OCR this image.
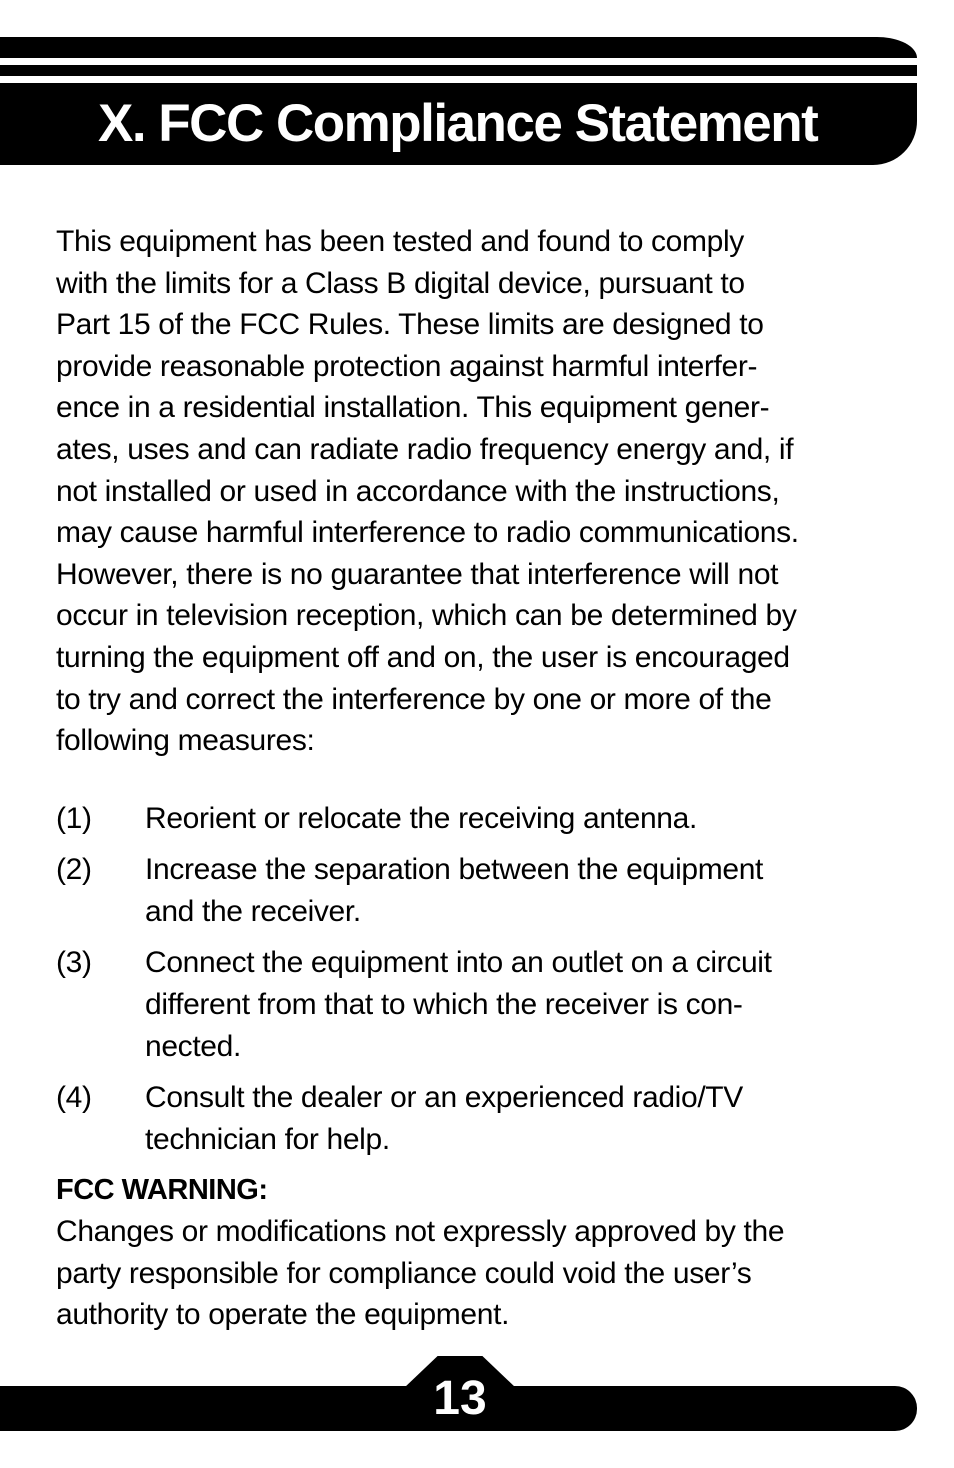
X. FCC Compliance Statement

This equipment has been tested and found to comply
with the limits for a Class B digital device, pursuant to
Part 15 of the FCC Rules. These limits are designed to
provide reasonable protection against harmful interfer-
ence in a residential installation. This equipment gener-
ates, uses and can radiate radio frequency energy and, if
not installed or used in accordance with the instructions,
may cause harmful interference to radio communications.
However, there is no guarantee that interference will not
occur in television reception, which can be determined by
turning the equipment off and on, the user is encouraged
to try and correct the interference by one or more of the
following measures:

(1)	Reorient or relocate the receiving antenna.
(2)	Increase the separation between the equipment
and the receiver.
(3)	Connect the equipment into an outlet on a circuit
different from that to which the receiver is con-
nected.
(4)	Consult the dealer or an experienced radio/TV
technician for help.

FCC WARNING:

Changes or modifications not expressly approved by the
party responsible for compliance could void the user’s
authority to operate the equipment.

13
